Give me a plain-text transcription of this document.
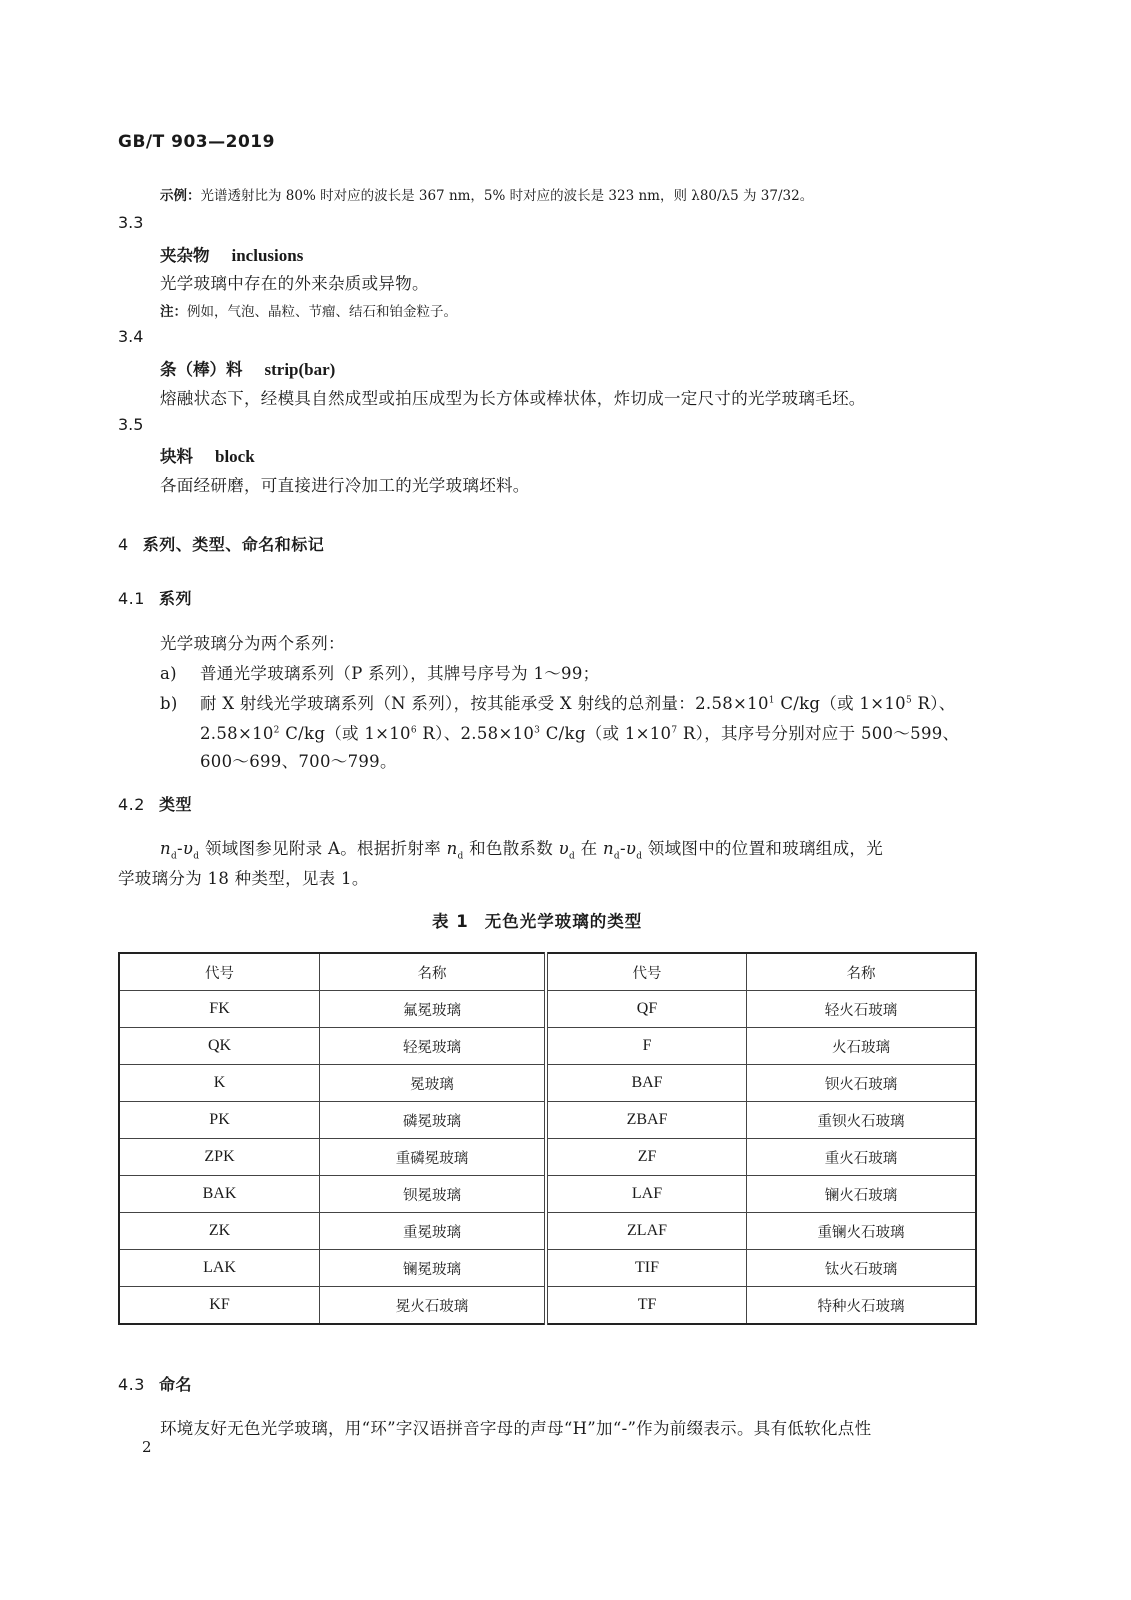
GB/T 903—2019
示例：光谱透射比为 80% 时对应的波长是 367 nm，5% 时对应的波长是 323 nm，则 λ80/λ5 为 37/32。
3.3
夹杂物 inclusions
光学玻璃中存在的外来杂质或异物。
注：例如，气泡、晶粒、节瘤、结石和铂金粒子。
3.4
条（棒）料 strip(bar)
熔融状态下，经模具自然成型或拍压成型为长方体或棒状体，炸切成一定尺寸的光学玻璃毛坯。
3.5
块料 block
各面经研磨，可直接进行冷加工的光学玻璃坯料。
4 系列、类型、命名和标记
4.1 系列
光学玻璃分为两个系列：
a) 普通光学玻璃系列（P 系列），其牌号序号为 1～99；
b) 耐 X 射线光学玻璃系列（N 系列），按其能承受 X 射线的总剂量：$2.58\times 10^1$ C/kg（或 $1\times 10^5$ R）、
$2.58\times 10^2$ C/kg（或 $1\times 10^6$ R）、$2.58\times 10^3$ C/kg（或 $1\times 10^7$ R），其序号分别对应于 500～599、
600～699、700～799。
4.2 类型
$n_d-\upsilon_d$ 领域图参见附录 A。根据折射率 $n_d$ 和色散系数 $\upsilon_d$ 在 $n_d-\upsilon_d$ 领域图中的位置和玻璃组成，光
学玻璃分为 18 种类型，见表 1。
表 1 无色光学玻璃的类型
代号	名称	代号	名称
FK	氟冕玻璃	QF	轻火石玻璃
QK	轻冕玻璃	F	火石玻璃
K	冕玻璃	BAF	钡火石玻璃
PK	磷冕玻璃	ZBAF	重钡火石玻璃
ZPK	重磷冕玻璃	ZF	重火石玻璃
BAK	钡冕玻璃	LAF	镧火石玻璃
ZK	重冕玻璃	ZLAF	重镧火石玻璃
LAK	镧冕玻璃	TIF	钛火石玻璃
KF	冕火石玻璃	TF	特种火石玻璃
4.3 命名
环境友好无色光学玻璃，用“环”字汉语拼音字母的声母“H”加“-”作为前缀表示。具有低软化点性
2
